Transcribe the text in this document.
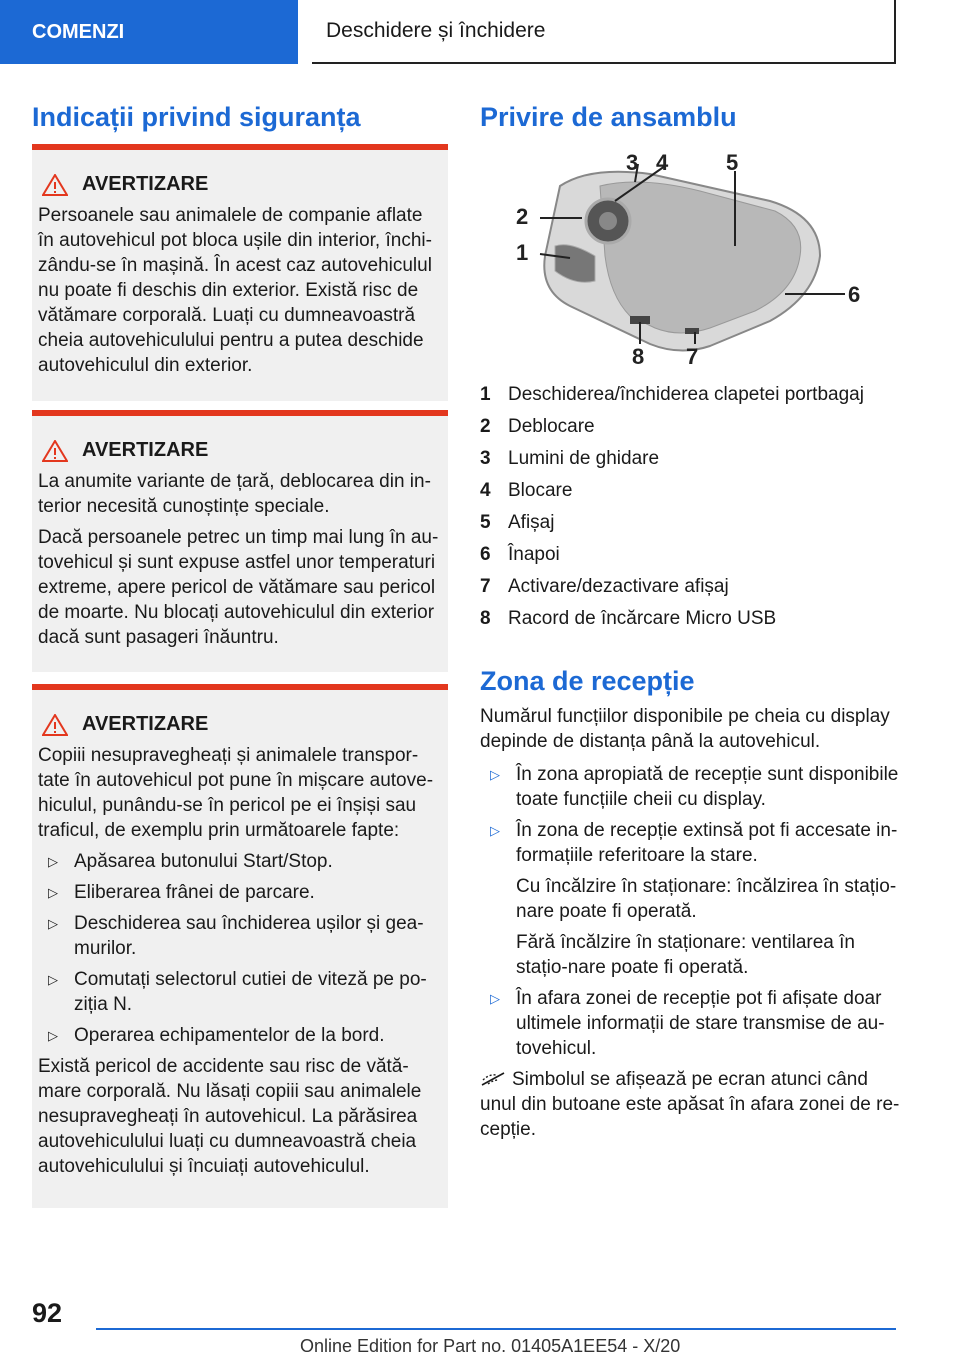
COMENZI	Deschidere și închidere
Indicații privind siguranța
AVERTIZARE

Persoanele sau animalele de companie aflate în autovehicul pot bloca ușile din interior, închi-zându-se în mașină. În acest caz autovehiculul nu poate fi deschis din exterior. Există risc de vătămare corporală. Luați cu dumneavoastră cheia autovehiculului pentru a putea deschide autovehiculul din exterior.

AVERTIZARE

La anumite variante de țară, deblocarea din in-terior necesită cunoștințe speciale.

Dacă persoanele petrec un timp mai lung în au-tovehicul și sunt expuse astfel unor temperaturi extreme, apere pericol de vătămare sau pericol de moarte. Nu blocați autovehiculul din exterior dacă sunt pasageri înăuntru.

AVERTIZARE

Copiii nesupravegheați și animalele transpor-tate în autovehicul pot pune în mișcare autove-hiculul, punându-se în pericol pe ei înșiși sau traficul, de exemplu prin următoarele fapte:

▷ Apăsarea butonului Start/Stop.
▷ Eliberarea frânei de parcare.
▷ Deschiderea sau închiderea ușilor și gea-murilor.
▷ Comutați selectorul cutiei de viteză pe po-ziția N.
▷ Operarea echipamentelor de la bord.

Există pericol de accidente sau risc de vătă-mare corporală. Nu lăsați copiii sau animalele nesupravegheați în autovehicul. La părăsirea autovehiculului luați cu dumneavoastră cheia autovehiculului și încuiați autovehiculul.

Privire de ansamblu
1
2
3 4	5
6
7
8
1 Deschiderea/închiderea clapetei portbagaj
2 Deblocare
3 Lumini de ghidare
4 Blocare
5 Afișaj
6 Înapoi
7 Activare/dezactivare afișaj
8 Racord de încărcare Micro USB
Zona de recepție

Numărul funcțiilor disponibile pe cheia cu display depinde de distanța până la autovehicul.

▷ În zona apropiată de recepție sunt disponibile toate funcțiile cheii cu display.
▷ În zona de recepție extinsă pot fi accesate in-formațiile referitoare la stare.
Cu încălzire în staționare: încălzirea în stațio-nare poate fi operată.
Fără încălzire în staționare: ventilarea în stațio-nare poate fi operată.
▷ În afara zonei de recepție pot fi afișate doar ultimele informații de stare transmise de au-tovehicul.

Simbolul se afișează pe ecran atunci când unul din butoane este apăsat în afara zonei de re-cepție.

92
Online Edition for Part no. 01405A1EE54 - X/20
